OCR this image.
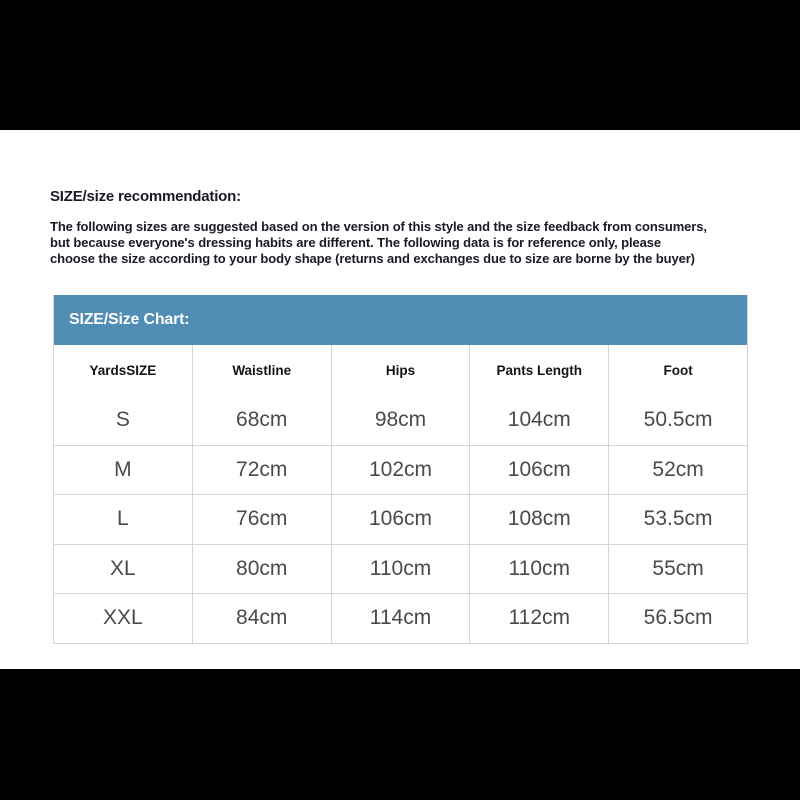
SIZE/size recommendation:
The following sizes are suggested based on the version of this style and the size feedback from consumers,
but because everyone's dressing habits are different. The following data is for reference only, please
choose the size according to your body shape (returns and exchanges due to size are borne by the buyer)
SIZE/Size Chart:
YardsSIZE	Waistline	Hips	Pants Length	Foot
S	68cm	98cm	104cm	50.5cm
M	72cm	102cm	106cm	52cm
L	76cm	106cm	108cm	53.5cm
XL	80cm	110cm	110cm	55cm
XXL	84cm	114cm	112cm	56.5cm
